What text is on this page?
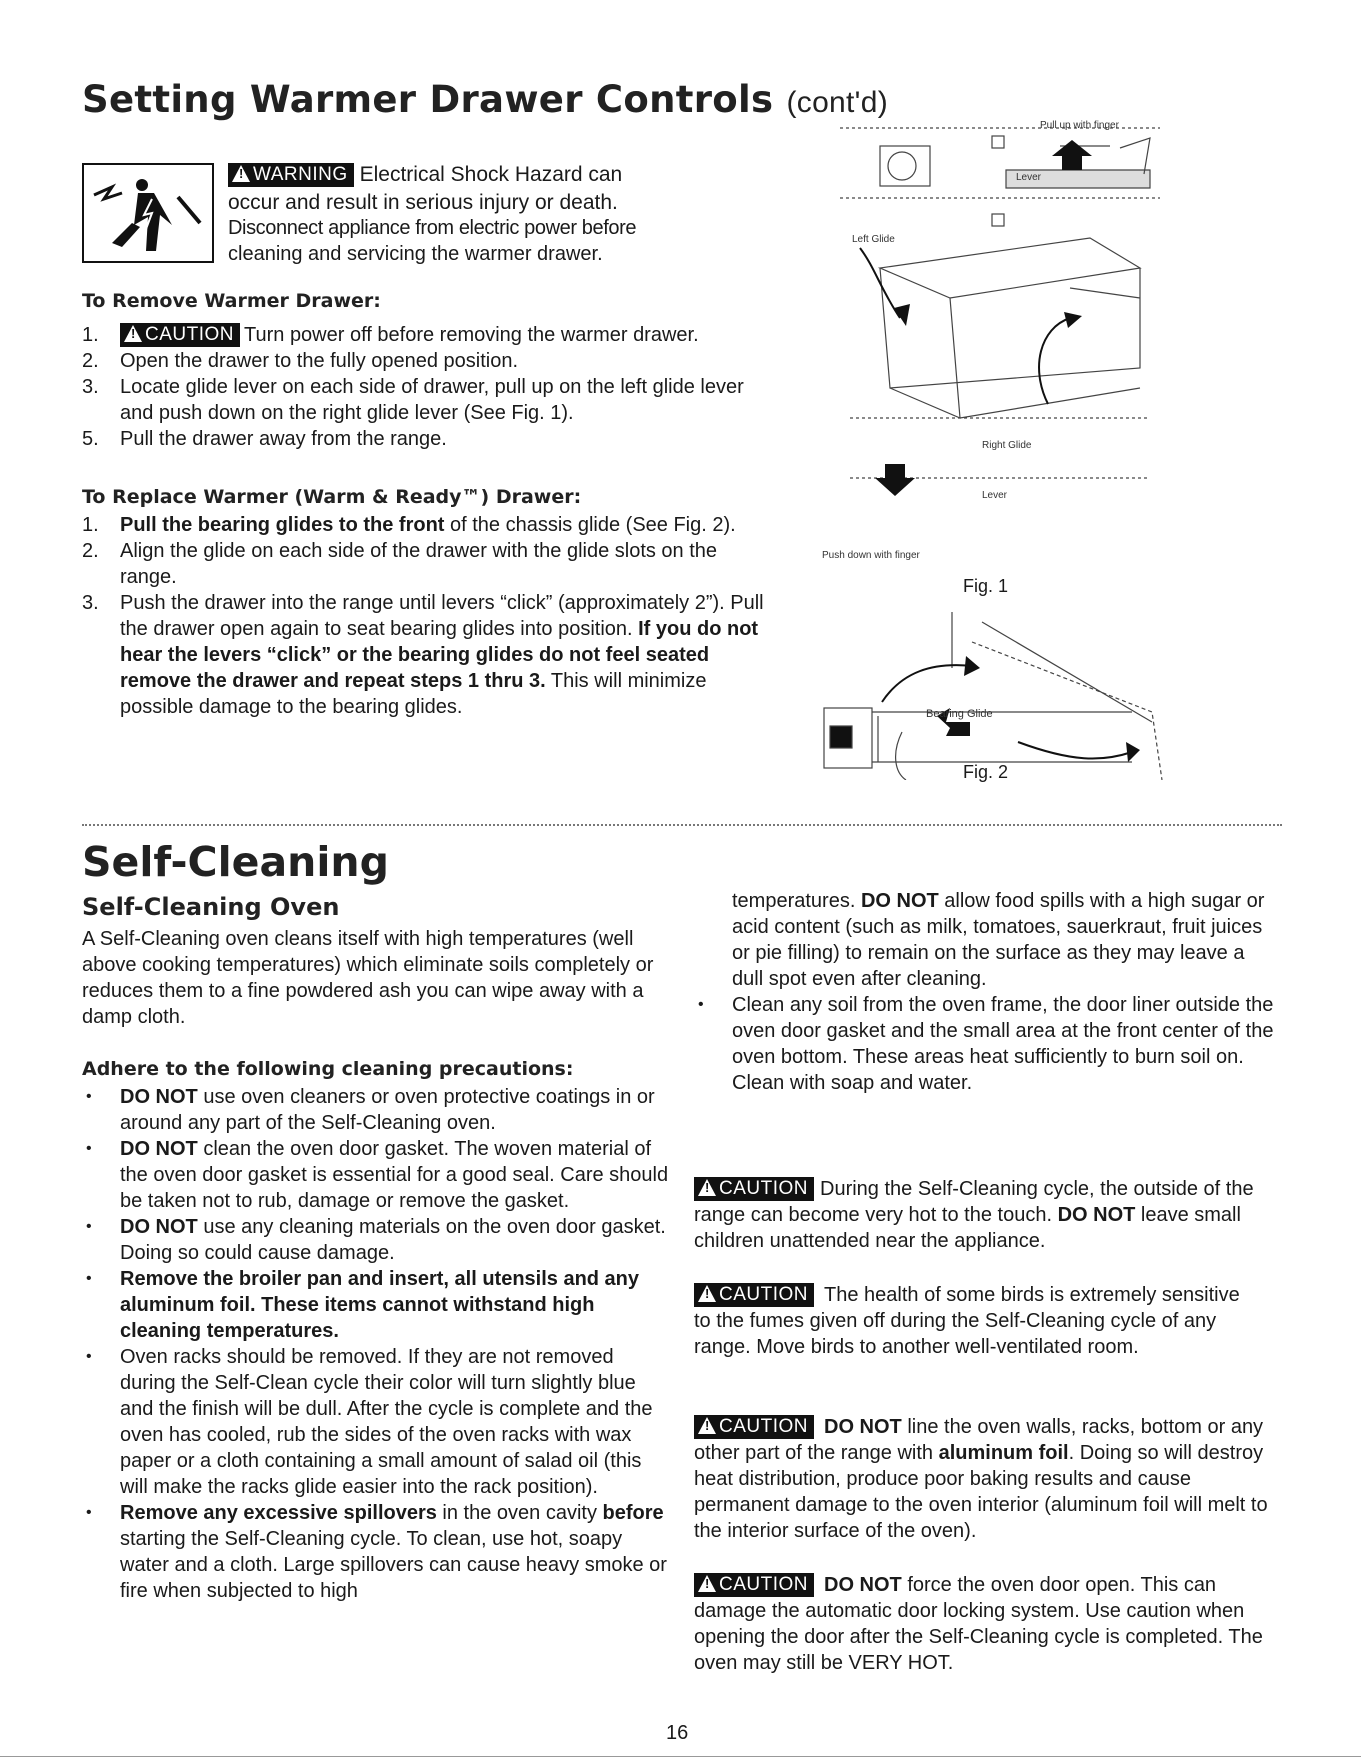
Setting Warmer Drawer Controls (cont'd)
! WARNING Electrical Shock Hazard can
occur and result in serious injury or death.
Disconnect appliance from electric power before
cleaning and servicing the warmer drawer.
To Remove Warmer Drawer:
1. ! CAUTION Turn power off before removing the warmer drawer.
2. Open the drawer to the fully opened position.
3. Locate glide lever on each side of drawer, pull up on the left glide lever and push down on the right glide lever (See Fig. 1).
5. Pull the drawer away from the range.
To Replace Warmer (Warm & Ready™) Drawer:
1. Pull the bearing glides to the front of the chassis glide (See Fig. 2).
2. Align the glide on each side of the drawer with the glide slots on the range.
3. Push the drawer into the range until levers “click” (approximately 2”). Pull the drawer open again to seat bearing glides into position. If you do not hear the levers “click” or the bearing glides do not feel seated remove the drawer and repeat steps 1 thru 3. This will minimize possible damage to the bearing glides.
Pull up with finger
Lever
Left Glide
Right Glide
Lever
Push down with finger
Fig. 1
Bearing Glide
Fig. 2
Self-Cleaning
Self-Cleaning Oven
A Self-Cleaning oven cleans itself with high temperatures (well above cooking temperatures) which eliminate soils completely or reduces them to a fine powdered ash you can wipe away with a damp cloth.
Adhere to the following cleaning precautions:
• DO NOT use oven cleaners or oven protective coatings in or around any part of the Self-Cleaning oven.
• DO NOT clean the oven door gasket. The woven material of the oven door gasket is essential for a good seal. Care should be taken not to rub, damage or remove the gasket.
• DO NOT use any cleaning materials on the oven door gasket. Doing so could cause damage.
• Remove the broiler pan and insert, all utensils and any aluminum foil. These items cannot withstand high cleaning temperatures.
• Oven racks should be removed. If they are not removed during the Self-Clean cycle their color will turn slightly blue and the finish will be dull. After the cycle is complete and the oven has cooled, rub the sides of the oven racks with wax paper or a cloth containing a small amount of salad oil (this will make the racks glide easier into the rack position).
• Remove any excessive spillovers in the oven cavity before starting the Self-Cleaning cycle. To clean, use hot, soapy water and a cloth. Large spillovers can cause heavy smoke or fire when subjected to high
temperatures. DO NOT allow food spills with a high sugar or acid content (such as milk, tomatoes, sauerkraut, fruit juices or pie filling) to remain on the surface as they may leave a dull spot even after cleaning.
• Clean any soil from the oven frame, the door liner outside the oven door gasket and the small area at the front center of the oven bottom. These areas heat sufficiently to burn soil on. Clean with soap and water.
! CAUTION During the Self-Cleaning cycle, the outside of the range can become very hot to the touch. DO NOT leave small children unattended near the appliance.
! CAUTION The health of some birds is extremely sensitive to the fumes given off during the Self-Cleaning cycle of any range. Move birds to another well-ventilated room.
! CAUTION DO NOT line the oven walls, racks, bottom or any other part of the range with aluminum foil. Doing so will destroy heat distribution, produce poor baking results and cause permanent damage to the oven interior (aluminum foil will melt to the interior surface of the oven).
! CAUTION DO NOT force the oven door open. This can damage the automatic door locking system. Use caution when opening the door after the Self-Cleaning cycle is completed. The oven may still be VERY HOT.
16
